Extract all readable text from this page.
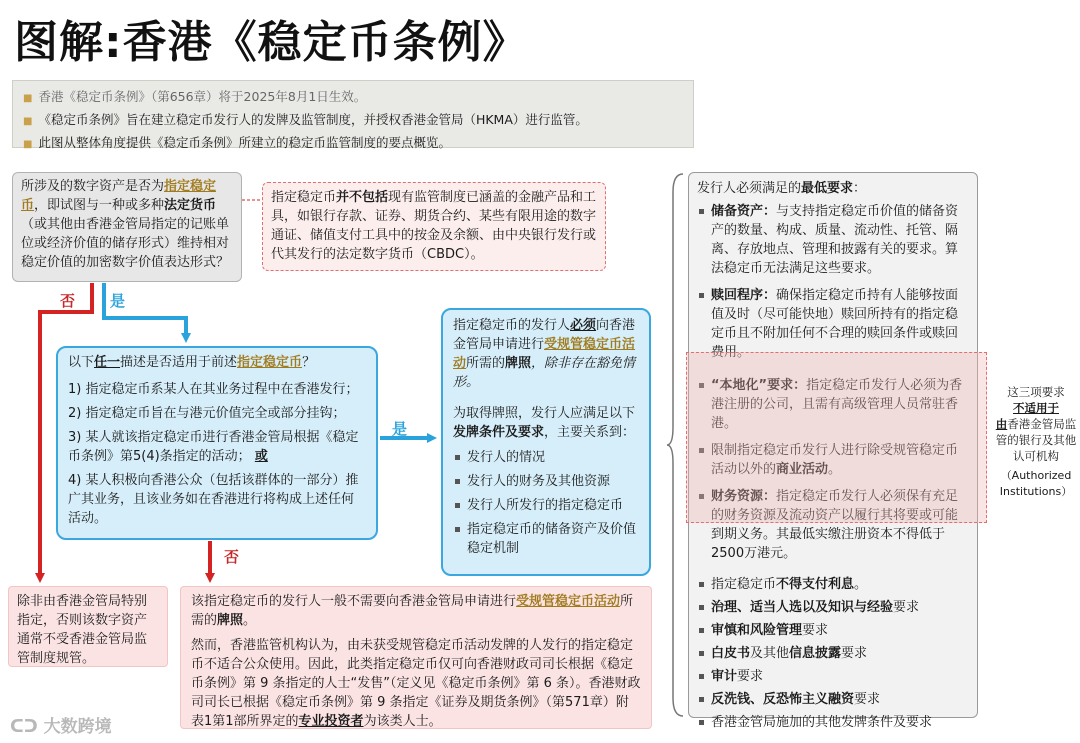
图解:香港《稳定币条例》
■ 香港《稳定币条例》（第656章）将于2025年8月1日生效。
■ 《稳定币条例》旨在建立稳定币发行人的发牌及监管制度，并授权香港金管局（HKMA）进行监管。
■ 此图从整体角度提供《稳定币条例》所建立的稳定币监管制度的要点概览。
否 是
是
否
所涉及的数字资产是否为指定稳定币，即试图与一种或多种法定货币（或其他由香港金管局指定的记账单位或经济价值的储存形式）维持相对稳定价值的加密数字价值表达形式？
指定稳定币并不包括现有监管制度已涵盖的金融产品和工具，如银行存款、证券、期货合约、某些有限用途的数字通证、储值支付工具中的按金及余额、由中央银行发行或代其发行的法定数字货币（CBDC）。
以下任一描述是否适用于前述指定稳定币？
1) 指定稳定币系某人在其业务过程中在香港发行；
2) 指定稳定币旨在与港元价值完全或部分挂钩；
3) 某人就该指定稳定币进行香港金管局根据《稳定币条例》第5(4)条指定的活动； 或
4) 某人积极向香港公众（包括该群体的一部分）推广其业务，且该业务如在香港进行将构成上述任何活动。
指定稳定币的发行人必须向香港金管局申请进行受规管稳定币活动所需的牌照，除非存在豁免情形。
为取得牌照，发行人应满足以下发牌条件及要求，主要关系到：
发行人的情况
发行人的财务及其他资源
发行人所发行的指定稳定币
指定稳定币的储备资产及价值稳定机制
除非由香港金管局特别指定，否则该数字资产通常不受香港金管局监管制度规管。
该指定稳定币的发行人一般不需要向香港金管局申请进行受规管稳定币活动所需的牌照。
然而，香港监管机构认为，由未获受规管稳定币活动发牌的人发行的指定稳定币不适合公众使用。因此，此类指定稳定币仅可向香港财政司司长根据《稳定币条例》第 9 条指定的人士“发售”（定义见《稳定币条例》第 6 条）。香港财政司司长已根据《稳定币条例》第 9 条指定《证券及期货条例》（第571章）附表1第1部所界定的专业投资者为该类人士。
发行人必须满足的最低要求：
储备资产：与支持指定稳定币价值的储备资产的数量、构成、质量、流动性、托管、隔离、存放地点、管理和披露有关的要求。算法稳定币无法满足这些要求。
赎回程序：确保指定稳定币持有人能够按面值及时（尽可能快地）赎回所持有的指定稳定币且不附加任何不合理的赎回条件或赎回费用。
“本地化”要求：指定稳定币发行人必须为香港注册的公司，且需有高级管理人员常驻香港。
限制指定稳定币发行人进行除受规管稳定币活动以外的商业活动。
财务资源：指定稳定币发行人必须保有充足的财务资源及流动资产以履行其将要或可能到期义务。其最低实缴注册资本不得低于2500万港元。
指定稳定币不得支付利息。
治理、适当人选以及知识与经验要求
审慎和风险管理要求
白皮书及其他信息披露要求
审计要求
反洗钱、反恐怖主义融资要求
香港金管局施加的其他发牌条件及要求
这三项要求
不适用于
由香港金管局监管的银行及其他认可机构
（Authorized Institutions）
ᑕᑐ 大数跨境
